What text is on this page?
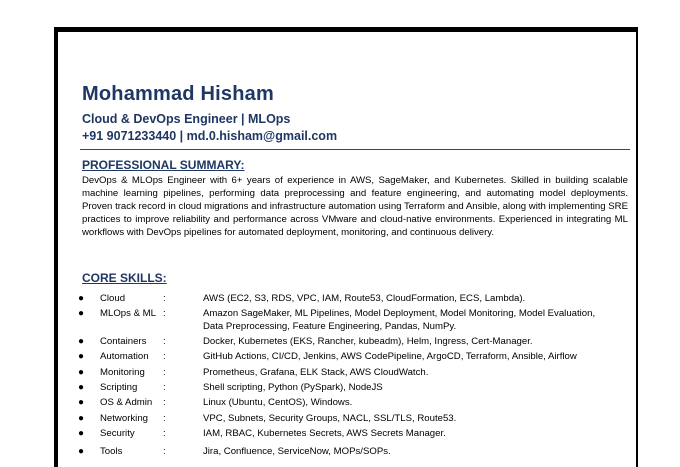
Mohammad Hisham
Cloud & DevOps Engineer | MLOps
+91 9071233440 | md.0.hisham@gmail.com
PROFESSIONAL SUMMARY:
DevOps & MLOps Engineer with 6+ years of experience in AWS, SageMaker, and Kubernetes. Skilled in building scalable machine learning pipelines, performing data preprocessing and feature engineering, and automating model deployments. Proven track record in cloud migrations and infrastructure automation using Terraform and Ansible, along with implementing SRE practices to improve reliability and performance across VMware and cloud-native environments. Experienced in integrating ML workflows with DevOps pipelines for automated deployment, monitoring, and continuous delivery.
CORE SKILLS:
● Cloud	:	AWS (EC2, S3, RDS, VPC, IAM, Route53, CloudFormation, ECS, Lambda).
● MLOps & ML :	Amazon SageMaker, ML Pipelines, Model Deployment, Model Monitoring, Model Evaluation, Data Preprocessing, Feature Engineering, Pandas, NumPy.
● Containers :	Docker, Kubernetes (EKS, Rancher, kubeadm), Helm, Ingress, Cert-Manager.
● Automation :	GitHub Actions, CI/CD, Jenkins, AWS CodePipeline, ArgoCD, Terraform, Ansible, Airflow
● Monitoring :	Prometheus, Grafana, ELK Stack, AWS CloudWatch.
● Scripting	:	Shell scripting, Python (PySpark), NodeJS
● OS & Admin :	Linux (Ubuntu, CentOS), Windows.
● Networking :	VPC, Subnets, Security Groups, NACL, SSL/TLS, Route53.
● Security	:	IAM, RBAC, Kubernetes Secrets, AWS Secrets Manager.
● Tools	:	Jira, Confluence, ServiceNow, MOPs/SOPs.
